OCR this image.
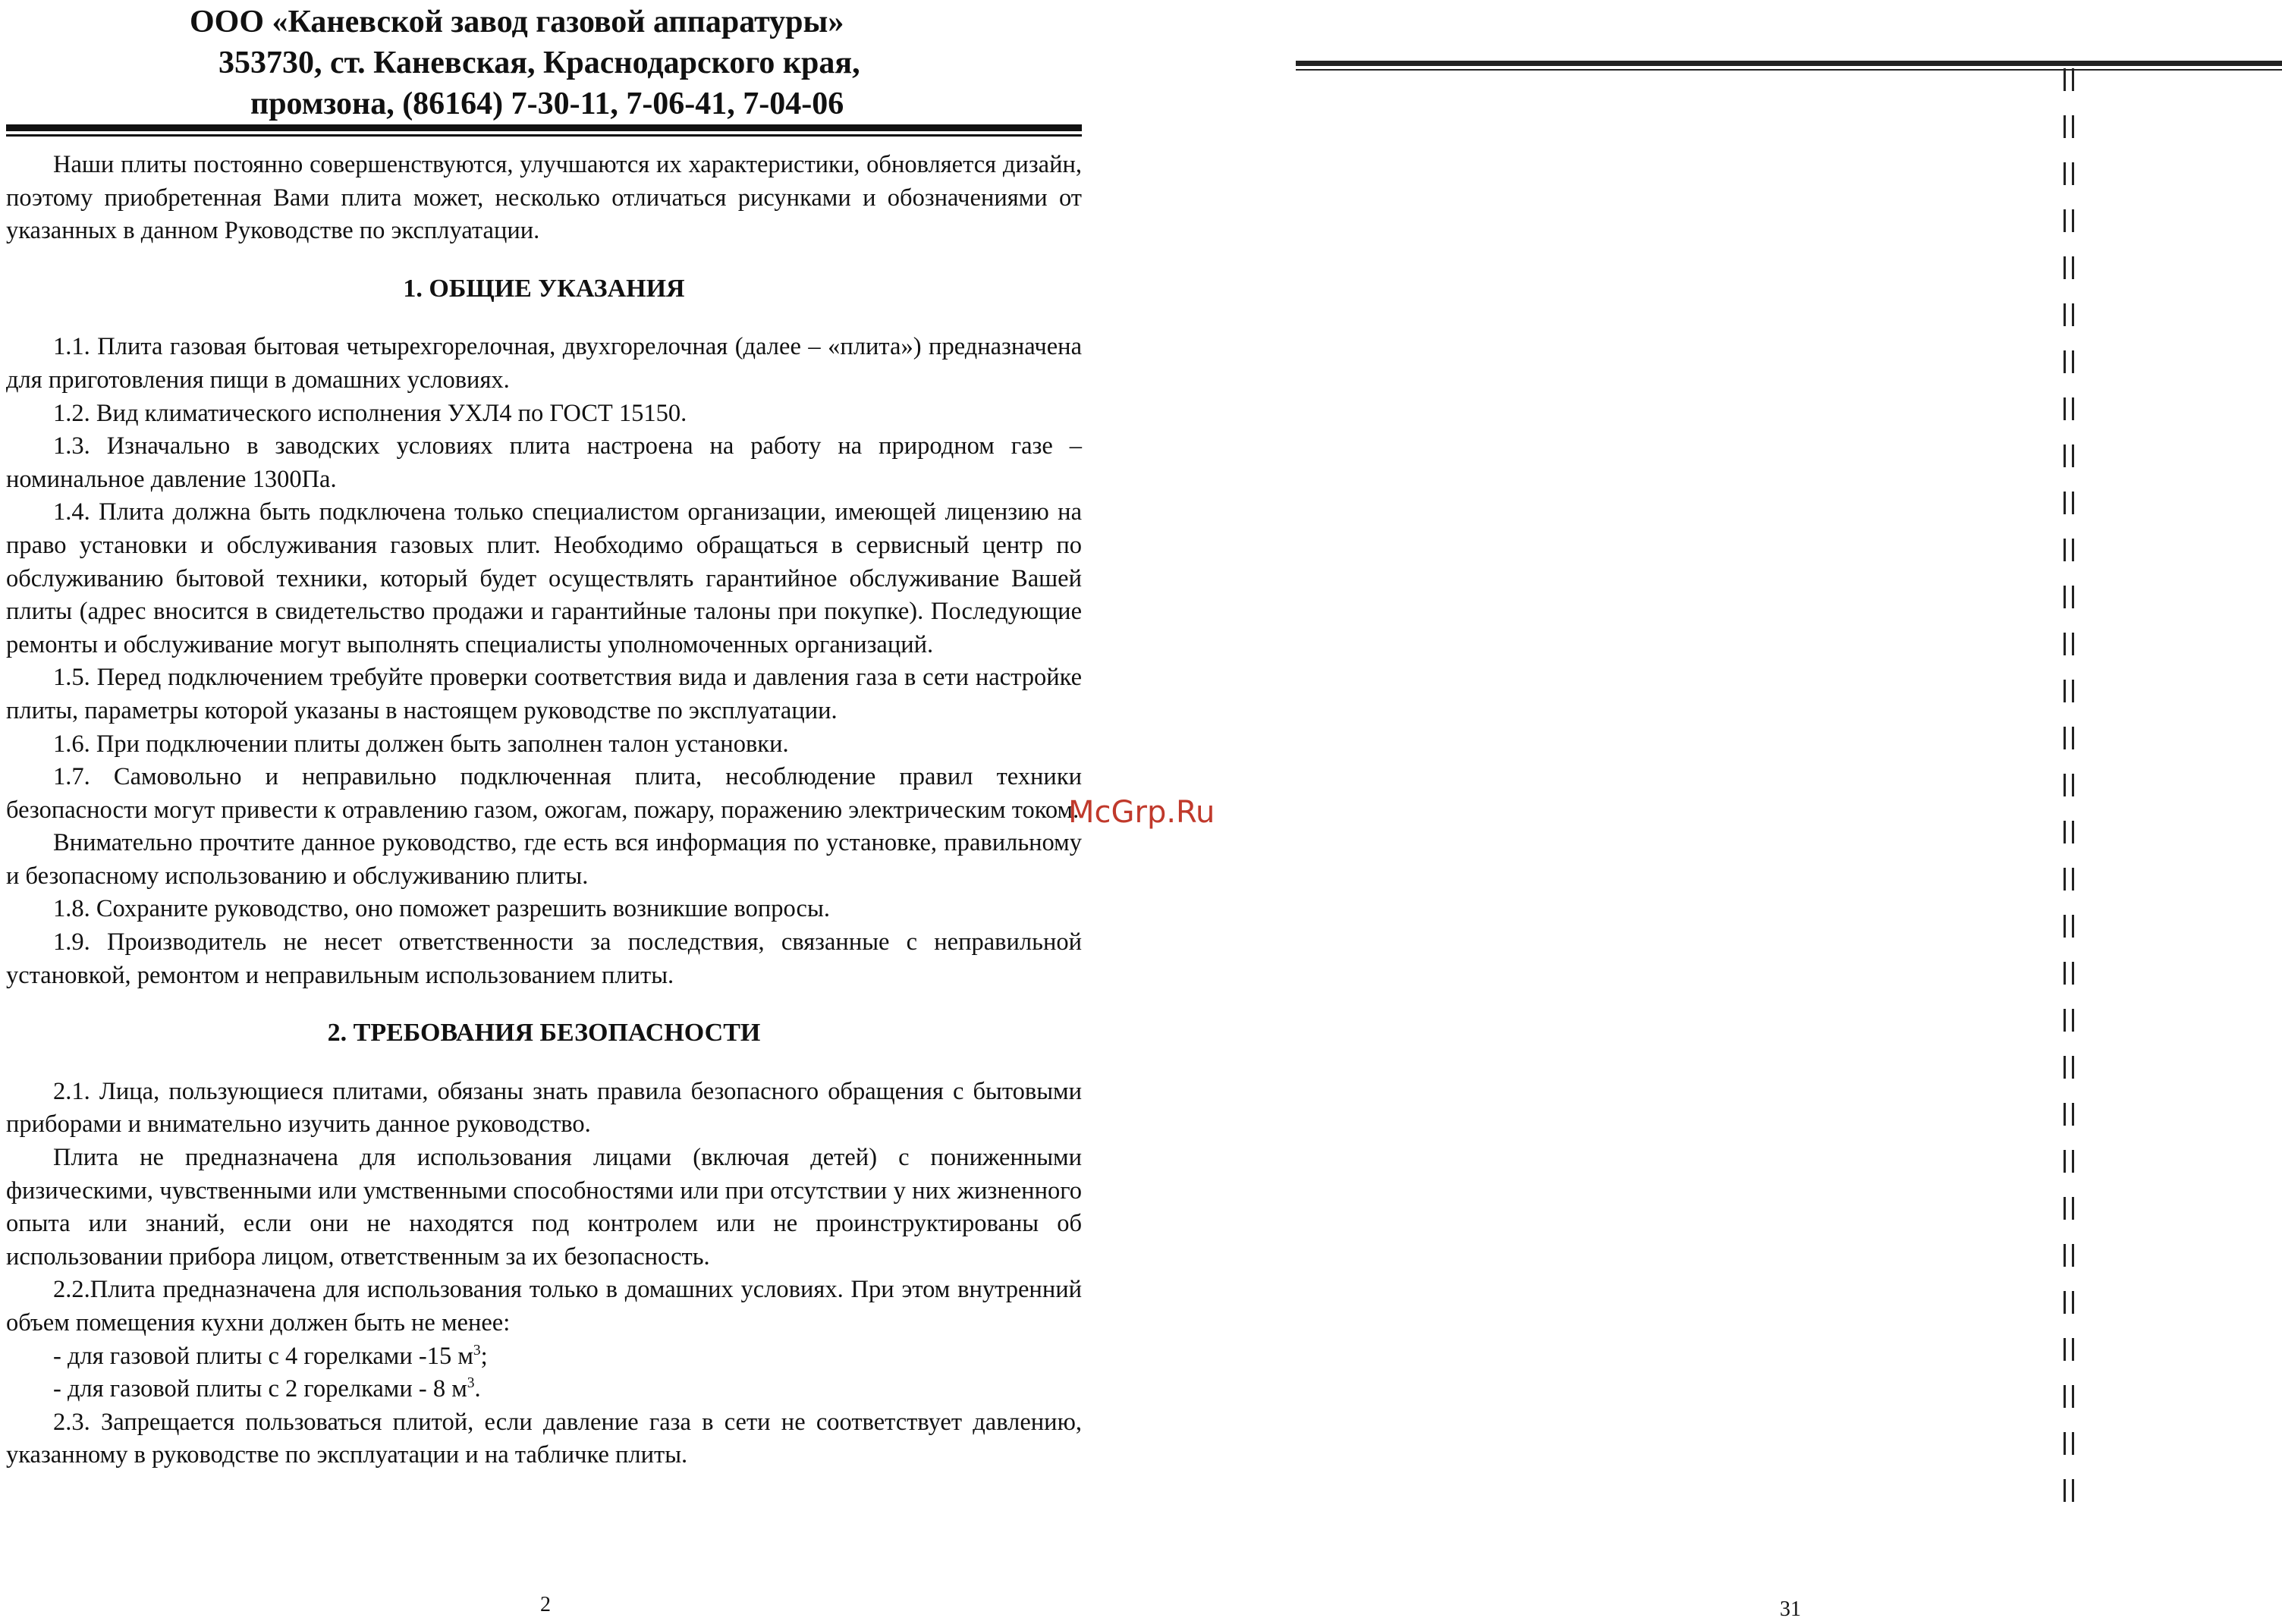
ООО «Каневской завод газовой аппаратуры»
353730, ст. Каневская, Краснодарского края,
промзона, (86164) 7-30-11, 7-06-41, 7-04-06

Наши плиты постоянно совершенствуются, улучшаются их характеристики, обновляется дизайн, поэтому приобретенная Вами плита может, несколько отличаться рисунками и обозначениями от указанных в данном Руководстве по эксплуатации.

1. ОБЩИЕ УКАЗАНИЯ

1.1. Плита газовая бытовая четырехгорелочная, двухгорелочная (далее – «плита») предназначена для приготовления пищи в домашних условиях.

1.2. Вид климатического исполнения УХЛ4 по ГОСТ 15150.

1.3. Изначально в заводских условиях плита настроена на работу на природном газе – номинальное давление 1300Па.

1.4. Плита должна быть подключена только специалистом организации, имеющей лицензию на право установки и обслуживания газовых плит. Необходимо обращаться в сервисный центр по обслуживанию бытовой техники, который будет осуществлять гарантийное обслуживание Вашей плиты (адрес вносится в свидетельство продажи и гарантийные талоны при покупке). Последующие ремонты и обслуживание могут выполнять специалисты уполномоченных организаций.

1.5. Перед подключением требуйте проверки соответствия вида и давления газа в сети настройке плиты, параметры которой указаны в настоящем руководстве по эксплуатации.

1.6. При подключении плиты должен быть заполнен талон установки.

1.7. Самовольно и неправильно подключенная плита, несоблюдение правил техники безопасности могут привести к отравлению газом, ожогам, пожару, поражению электрическим током.

Внимательно прочтите данное руководство, где есть вся информация по установке, правильному и безопасному использованию и обслуживанию плиты.

1.8. Сохраните руководство, оно поможет разрешить возникшие вопросы.

1.9. Производитель не несет ответственности за последствия, связанные с неправильной установкой, ремонтом и неправильным использованием плиты.

2. ТРЕБОВАНИЯ БЕЗОПАСНОСТИ

2.1. Лица, пользующиеся плитами, обязаны знать правила безопасного обращения с бытовыми приборами и внимательно изучить данное руководство.

Плита не предназначена для использования лицами (включая детей) с пониженными физическими, чувственными или умственными способностями или при отсутствии у них жизненного опыта или знаний, если они не находятся под контролем или не проинструктированы об использовании прибора лицом, ответственным за их безопасность.

2.2.Плита предназначена для использования только в домашних условиях. При этом внутренний объем помещения кухни должен быть не менее:

- для газовой плиты с 4 горелками -15 $м^3$;

- для газовой плиты с 2 горелками - 8 $м^3$.

2.3. Запрещается пользоваться плитой, если давление газа в сети не соответствует давлению, указанному в руководстве по эксплуатации и на табличке плиты.

2
McGrp.Ru
31
